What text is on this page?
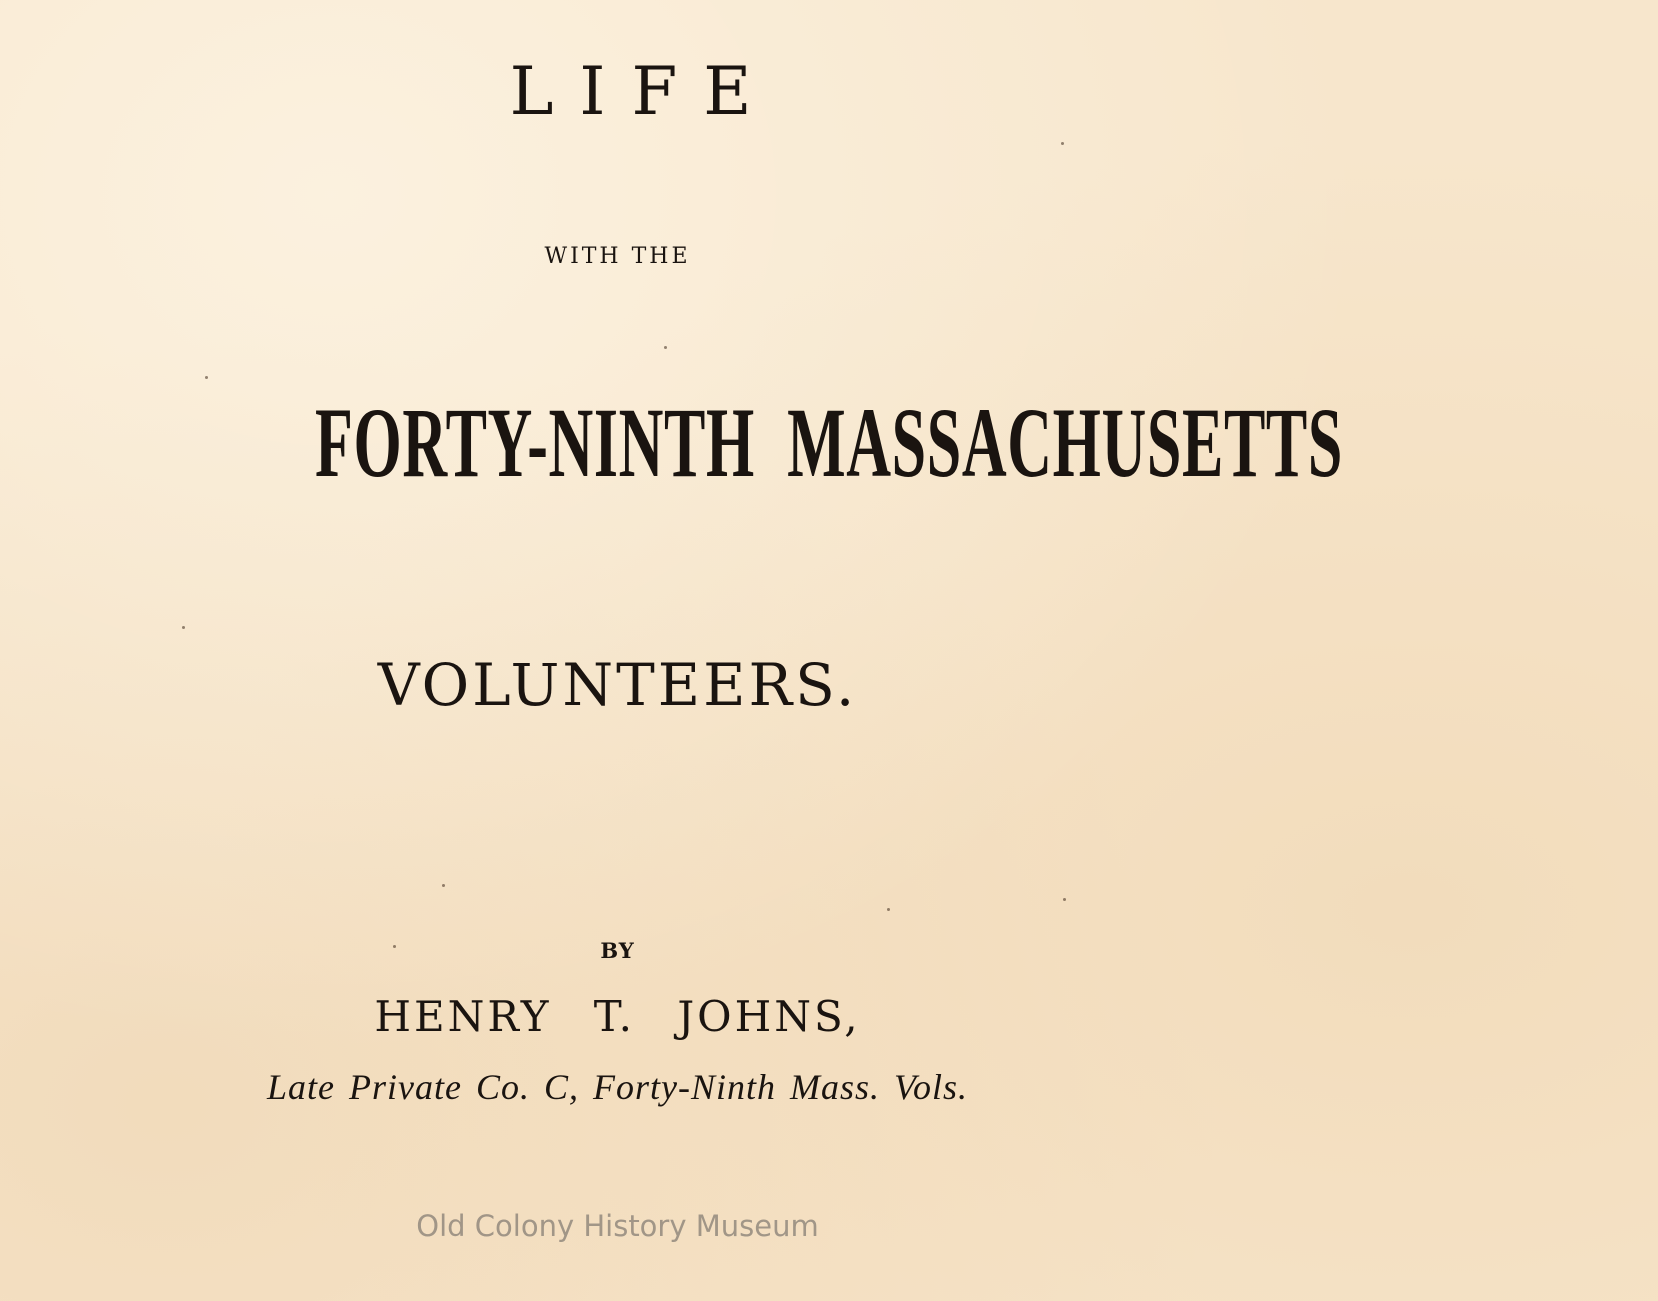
LIFE
WITH THE
FORTY-NINTH  MASSACHUSETTS
VOLUNTEERS.
BY
HENRY T. JOHNS,
Late Private Co. C, Forty-Ninth Mass. Vols.
Old Colony History Museum
